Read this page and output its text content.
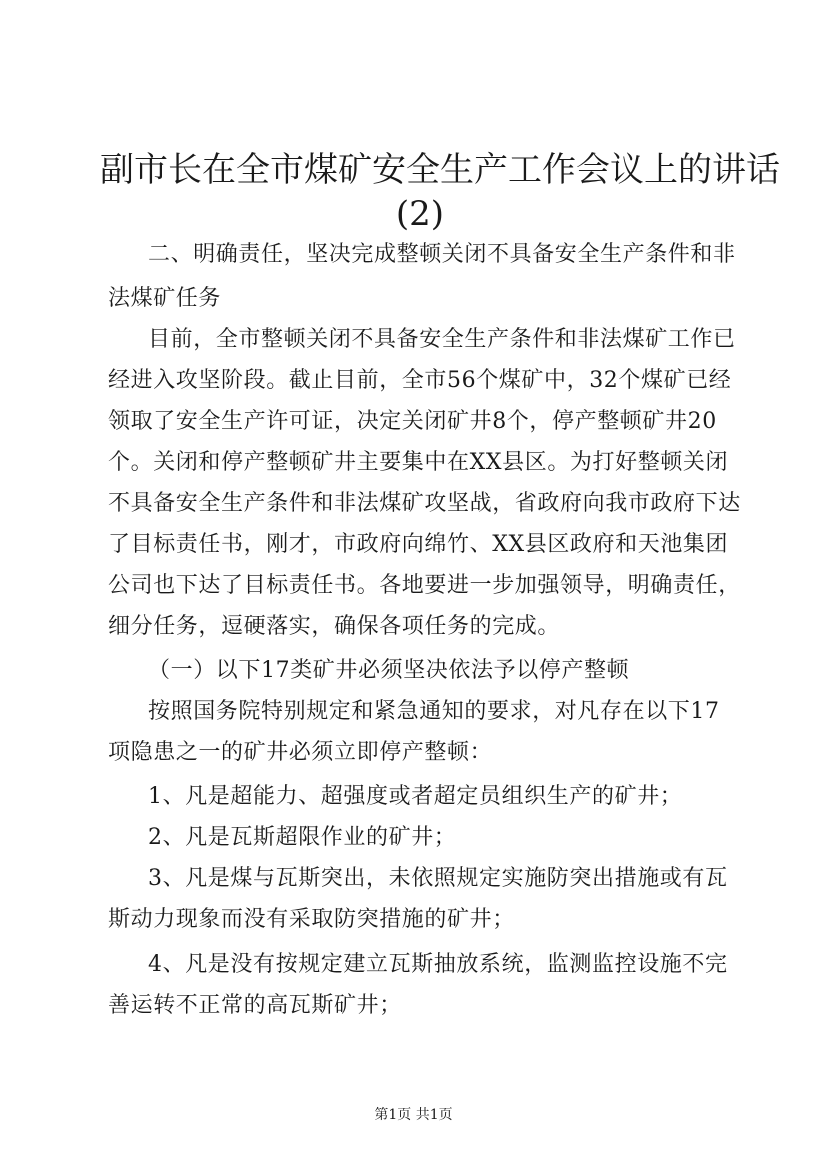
副市长在全市煤矿安全生产工作会议上的讲话
(2)

二、明确责任，坚决完成整顿关闭不具备安全生产条件和非

法煤矿任务

目前，全市整顿关闭不具备安全生产条件和非法煤矿工作已

经进入攻坚阶段。截止目前，全市56个煤矿中，32个煤矿已经

领取了安全生产许可证，决定关闭矿井8个，停产整顿矿井20

个。关闭和停产整顿矿井主要集中在XX县区。为打好整顿关闭

不具备安全生产条件和非法煤矿攻坚战，省政府向我市政府下达

了目标责任书，刚才，市政府向绵竹、XX县区政府和天池集团

公司也下达了目标责任书。各地要进一步加强领导，明确责任，

细分任务，逗硬落实，确保各项任务的完成。

（一）以下17类矿井必须坚决依法予以停产整顿

按照国务院特别规定和紧急通知的要求，对凡存在以下17

项隐患之一的矿井必须立即停产整顿：

1、凡是超能力、超强度或者超定员组织生产的矿井；

2、凡是瓦斯超限作业的矿井；

3、凡是煤与瓦斯突出，未依照规定实施防突出措施或有瓦

斯动力现象而没有采取防突措施的矿井；

4、凡是没有按规定建立瓦斯抽放系统，监测监控设施不完

善运转不正常的高瓦斯矿井；

第1页 共1页
